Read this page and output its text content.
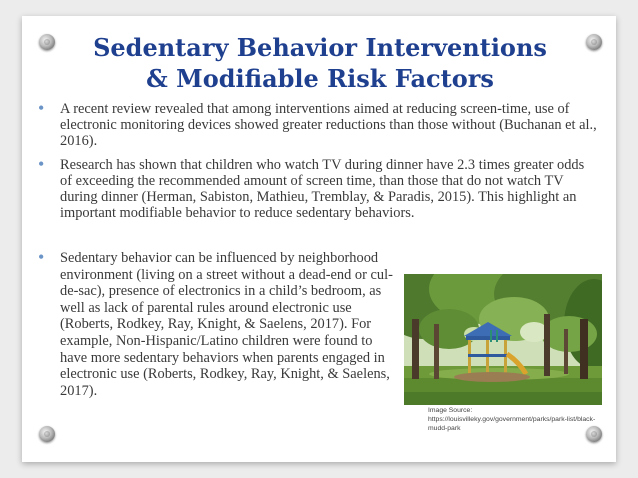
Sedentary Behavior Interventions
& Modifiable Risk Factors
• A recent review revealed that among interventions aimed at reducing screen-time, use of electronic monitoring devices showed greater reductions than those without (Buchanan et al., 2016).
• Research has shown that children who watch TV during dinner have 2.3 times greater odds of exceeding the recommended amount of screen time, than those that do not watch TV during dinner (Herman, Sabiston, Mathieu, Tremblay, & Paradis, 2015). This highlight an important modifiable behavior to reduce sedentary behaviors.
• Sedentary behavior can be influenced by neighborhood environment (living on a street without a dead-end or cul-de-sac), presence of electronics in a child’s bedroom, as well as lack of parental rules around electronic use (Roberts, Rodkey, Ray, Knight, & Saelens, 2017). For example, Non-Hispanic/Latino children were found to have more sedentary behaviors when parents engaged in electronic use (Roberts, Rodkey, Ray, Knight, & Saelens, 2017).
Image Source:
https://louisvilleky.gov/government/parks/park-list/black-mudd-park
